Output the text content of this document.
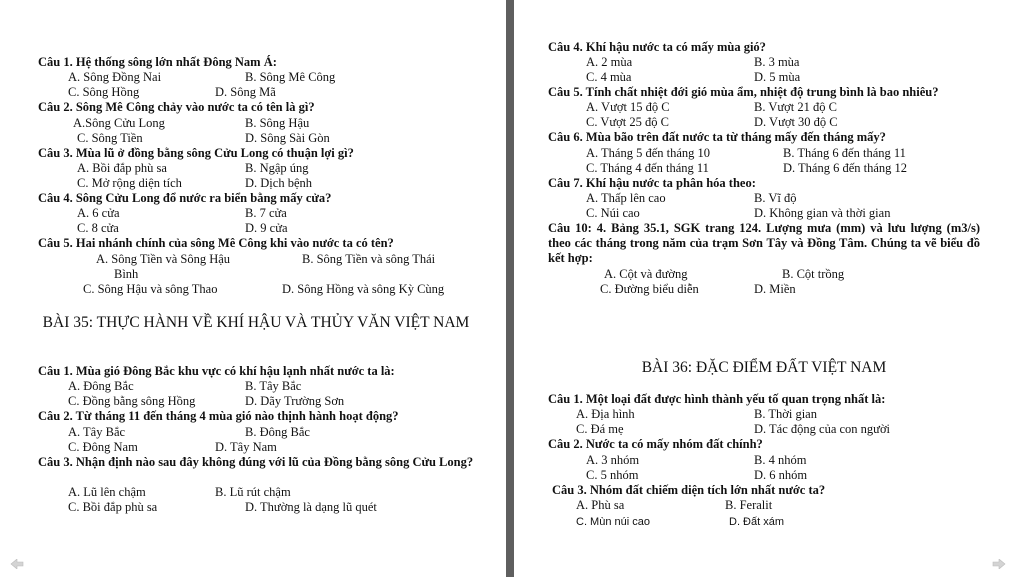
Câu 1. Hệ thống sông lớn nhất Đông Nam Á:
A. Sông Đồng Nai	B. Sông Mê Công
C. Sông Hồng	D. Sông Mã
Câu 2. Sông Mê Công chảy vào nước ta có tên là gì?
A.Sông Cửu Long	B. Sông Hậu
C. Sông Tiền	D. Sông Sài Gòn
Câu 3. Mùa lũ ở đồng bằng sông Cửu Long có thuận lợi gì?
A. Bồi đắp phù sa	B. Ngập úng
C. Mở rộng diện tích	D. Dịch bệnh
Câu 4. Sông Cửu Long đổ nước ra biển bằng mấy cửa?
A. 6 cửa	B. 7 cửa
C. 8 cửa	D. 9 cửa
Câu 5. Hai nhánh chính của sông Mê Công khi vào nước ta có tên?
A. Sông Tiền và Sông Hậu	B. Sông Tiền và sông Thái
Bình
C. Sông Hậu và sông Thao	D. Sông Hồng và sông Kỳ Cùng
BÀI 35: THỰC HÀNH VỀ KHÍ HẬU VÀ THỦY VĂN VIỆT NAM
Câu 1. Mùa gió Đông Bắc khu vực có khí hậu lạnh nhất nước ta là:
A. Đông Bắc	B. Tây Bắc
C. Đồng bằng sông Hồng	D. Dãy Trường Sơn
Câu 2. Từ tháng 11 đến tháng 4 mùa gió nào thịnh hành hoạt động?
A. Tây Bắc	B. Đông Bắc
C. Đông Nam	D. Tây Nam
Câu 3. Nhận định nào sau đây không đúng với lũ của Đồng bằng sông Cửu Long?
A. Lũ lên chậm	B. Lũ rút chậm
C. Bồi đắp phù sa	D. Thường là dạng lũ quét
Câu 4. Khí hậu nước ta có mấy mùa gió?
A. 2 mùa	B. 3 mùa
C. 4 mùa	D. 5 mùa
Câu 5. Tính chất nhiệt đới gió mùa ẩm, nhiệt độ trung bình là bao nhiêu?
A. Vượt 15 độ C	B. Vượt 21 độ C
C. Vượt 25 độ C	D. Vượt 30 độ C
Câu 6. Mùa bão trên đất nước ta từ tháng mấy đến tháng mấy?
A. Tháng 5 đến tháng 10	B. Tháng 6 đến tháng 11
C. Tháng 4 đến tháng 11	D. Tháng 6 đến tháng 12
Câu 7. Khí hậu nước ta phân hóa theo:
A. Thấp lên cao	B. Vĩ độ
C. Núi cao	D. Không gian và thời gian
Câu 10: 4. Bảng 35.1, SGK trang 124. Lượng mưa (mm) và lưu lượng (m3/s) theo các tháng trong năm của trạm Sơn Tây và Đồng Tâm. Chúng ta vẽ biểu đồ kết hợp:
A. Cột và đường	B. Cột trồng
C. Đường biểu diễn	D. Miền
BÀI 36: ĐẶC ĐIỂM ĐẤT VIỆT NAM
Câu 1. Một loại đất được hình thành yếu tố quan trọng nhất là:
A. Địa hình	B. Thời gian
C. Đá mẹ	D. Tác động của con người
Câu 2. Nước ta có mấy nhóm đất chính?
A. 3 nhóm	B. 4 nhóm
C. 5 nhóm	D. 6 nhóm
Câu 3. Nhóm đất chiếm diện tích lớn nhất nước ta?
A. Phù sa	B. Feralit
C. Mùn núi cao	D. Đất xám
